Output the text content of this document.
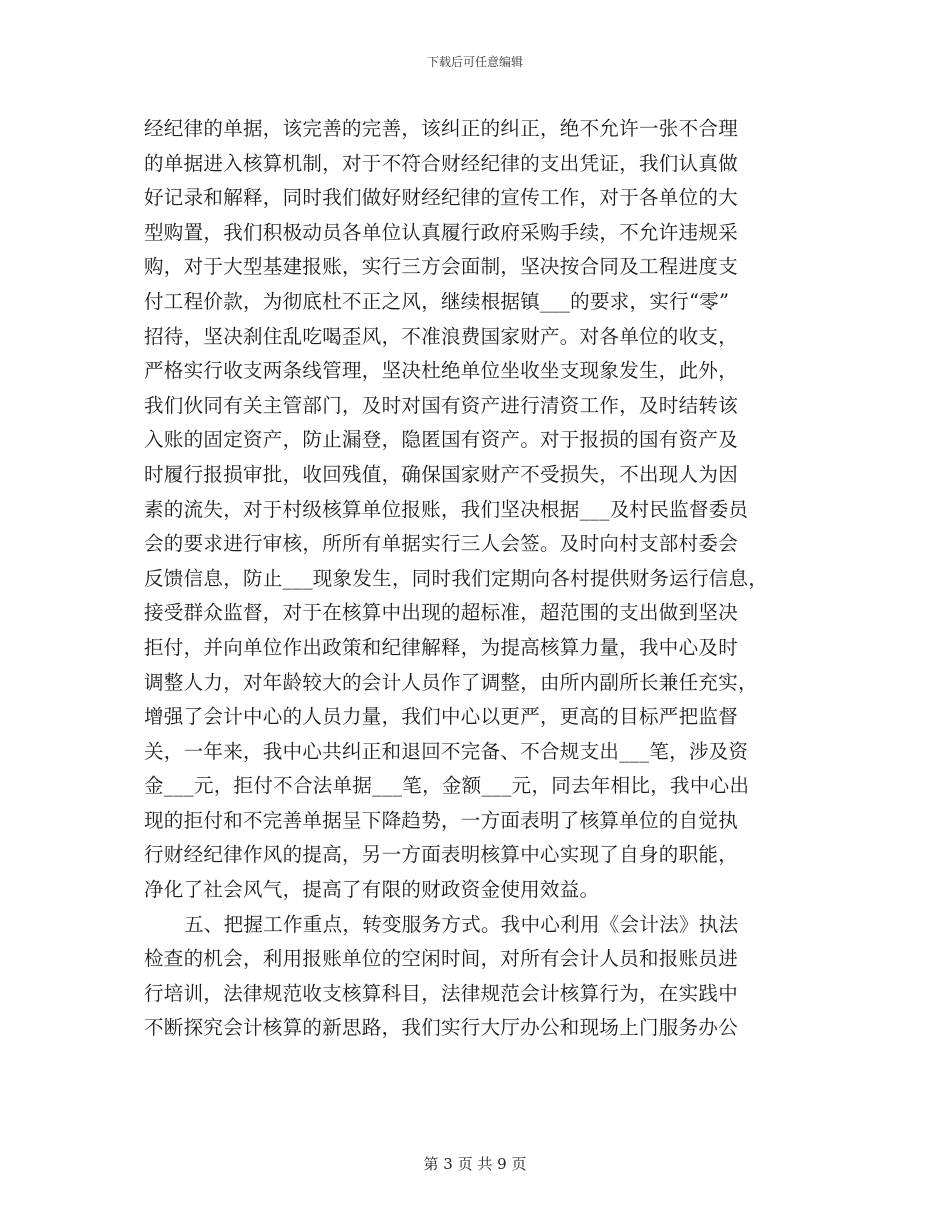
下载后可任意编辑
经纪律的单据，该完善的完善，该纠正的纠正，绝不允许一张不合理
的单据进入核算机制，对于不符合财经纪律的支出凭证，我们认真做
好记录和解释，同时我们做好财经纪律的宣传工作，对于各单位的大
型购置，我们积极动员各单位认真履行政府采购手续，不允许违规采
购，对于大型基建报账，实行三方会面制，坚决按合同及工程进度支
付工程价款，为彻底杜不正之风，继续根据镇___的要求，实行“零”
招待，坚决刹住乱吃喝歪风，不准浪费国家财产。对各单位的收支，
严格实行收支两条线管理，坚决杜绝单位坐收坐支现象发生，此外，
我们伙同有关主管部门，及时对国有资产进行清资工作，及时结转该
入账的固定资产，防止漏登，隐匿国有资产。对于报损的国有资产及
时履行报损审批，收回残值，确保国家财产不受损失，不出现人为因
素的流失，对于村级核算单位报账，我们坚决根据___及村民监督委员
会的要求进行审核，所所有单据实行三人会签。及时向村支部村委会
反馈信息，防止___现象发生，同时我们定期向各村提供财务运行信息，
接受群众监督，对于在核算中出现的超标准，超范围的支出做到坚决
拒付，并向单位作出政策和纪律解释，为提高核算力量，我中心及时
调整人力，对年龄较大的会计人员作了调整，由所内副所长兼任充实，
增强了会计中心的人员力量，我们中心以更严，更高的目标严把监督
关，一年来，我中心共纠正和退回不完备、不合规支出___笔，涉及资
金___元，拒付不合法单据___笔，金额___元，同去年相比，我中心出
现的拒付和不完善单据呈下降趋势，一方面表明了核算单位的自觉执
行财经纪律作风的提高，另一方面表明核算中心实现了自身的职能，
净化了社会风气，提高了有限的财政资金使用效益。
五、把握工作重点，转变服务方式。我中心利用《会计法》执法
检查的机会，利用报账单位的空闲时间，对所有会计人员和报账员进
行培训，法律规范收支核算科目，法律规范会计核算行为，在实践中
不断探究会计核算的新思路，我们实行大厅办公和现场上门服务办公
第 3 页 共 9 页
